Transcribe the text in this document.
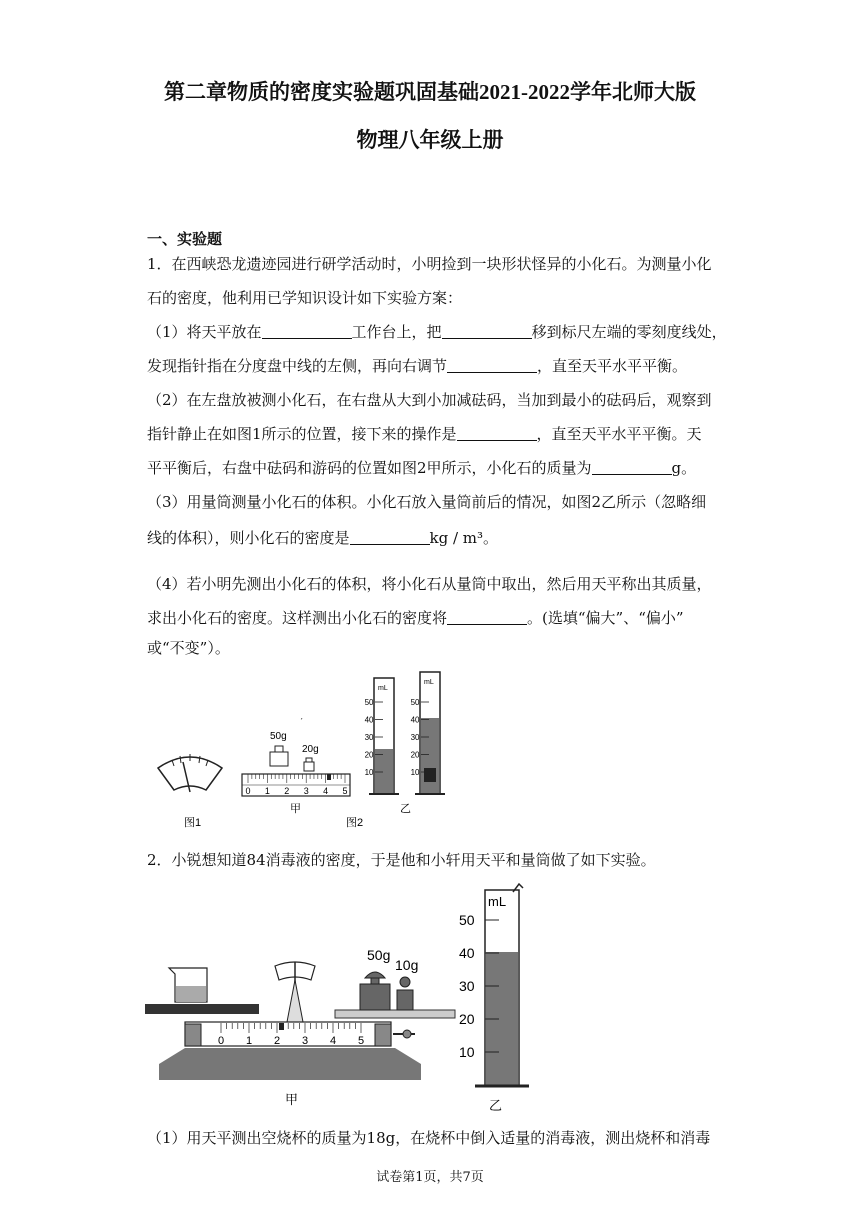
第二章物质的密度实验题巩固基础2021-2022学年北师大版
物理八年级上册
一、实验题
1．在西峡恐龙遗迹园进行研学活动时，小明捡到一块形状怪异的小化石。为测量小化
石的密度，他利用已学知识设计如下实验方案：
（1）将天平放在	工作台上，把	移到标尺左端的零刻度线处，
发现指针指在分度盘中线的左侧，再向右调节	，直至天平水平平衡。
（2）在左盘放被测小化石，在右盘从大到小加减砝码，当加到最小的砝码后，观察到
指针静止在如图1所示的位置，接下来的操作是	，直至天平水平平衡。天
平平衡后，右盘中砝码和游码的位置如图2甲所示，小化石的质量为	g。
（3）用量筒测量小化石的体积。小化石放入量筒前后的情况，如图2乙所示（忽略细
线的体积），则小化石的密度是	kg / m³。
（4）若小明先测出小化石的体积，将小化石从量筒中取出，然后用天平称出其质量，
求出小化石的密度。这样测出小化石的密度将	。(选填“偏大”、“偏小”
或“不变”）。
图1
50g
20g
ˊ
0 1 2 3 4 5
甲
图2
mL
50
40
30
20
10
mL
50
40
30
20
10
乙
2．小锐想知道84消毒液的密度，于是他和小轩用天平和量筒做了如下实验。
50g
10g
0 1 2 3 4 5
甲
mL
50
40
30
20
10
乙
（1）用天平测出空烧杯的质量为18g，在烧杯中倒入适量的消毒液，测出烧杯和消毒
试卷第1页，共7页
